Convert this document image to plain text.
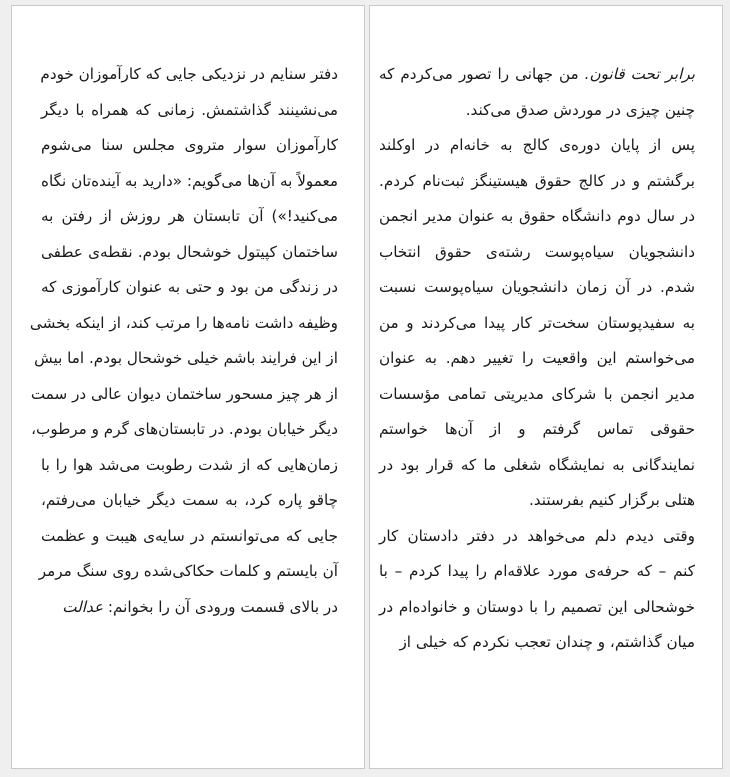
دفتر سنایم در نزدیکی جایی که کارآموزان خودم
می‌نشینند گذاشتمش. زمانی که همراه با دیگر
کارآموزان سوار متروی مجلس سنا می‌شوم
معمولاً به آن‌ها می‌گویم: «دارید به آینده‌تان نگاه
می‌کنید!») آن تابستان هر روزش از رفتن به
ساختمان کپیتول خوشحال بودم. نقطه‌ی عطفی
در زندگی من بود و حتی به عنوان کارآموزی که
وظیفه داشت نامه‌ها را مرتب کند، از اینکه بخشی
از این فرایند باشم خیلی خوشحال بودم. اما بیش
از هر چیز مسحور ساختمان دیوان عالی در سمت
دیگر خیابان بودم. در تابستان‌های گرم و مرطوب،
زمان‌هایی که از شدت رطوبت می‌شد هوا را با
چاقو پاره کرد، به سمت دیگر خیابان می‌رفتم،
جایی که می‌توانستم در سایه‌ی هیبت و عظمت
آن بایستم و کلمات حکاکی‌شده روی سنگ مرمر
در بالای قسمت ورودی آن را بخوانم: عدالت
برابر تحت قانون. من جهانی را تصور می‌کردم که
چنین چیزی در موردش صدق می‌کند.
پس از پایان دوره‌ی کالج به خانه‌ام در اوکلند
برگشتم و در کالج حقوق هیستینگز ثبت‌نام کردم.
در سال دوم دانشگاه حقوق به عنوان مدیر انجمن
دانشجویان سیاه‌پوست رشته‌ی حقوق انتخاب
شدم. در آن زمان دانشجویان سیاه‌پوست نسبت
به سفیدپوستان سخت‌تر کار پیدا می‌کردند و من
می‌خواستم این واقعیت را تغییر دهم. به عنوان
مدیر انجمن با شرکای مدیریتی تمامی مؤسسات
حقوقی تماس گرفتم و از آن‌ها خواستم
نمایندگانی به نمایشگاه شغلی ما که قرار بود در
هتلی برگزار کنیم بفرستند.
وقتی دیدم دلم می‌خواهد در دفتر دادستان کار
کنم – که حرفه‌ی مورد علاقه‌ام را پیدا کردم – با
خوشحالی این تصمیم را با دوستان و خانواده‌ام در
میان گذاشتم، و چندان تعجب نکردم که خیلی از
